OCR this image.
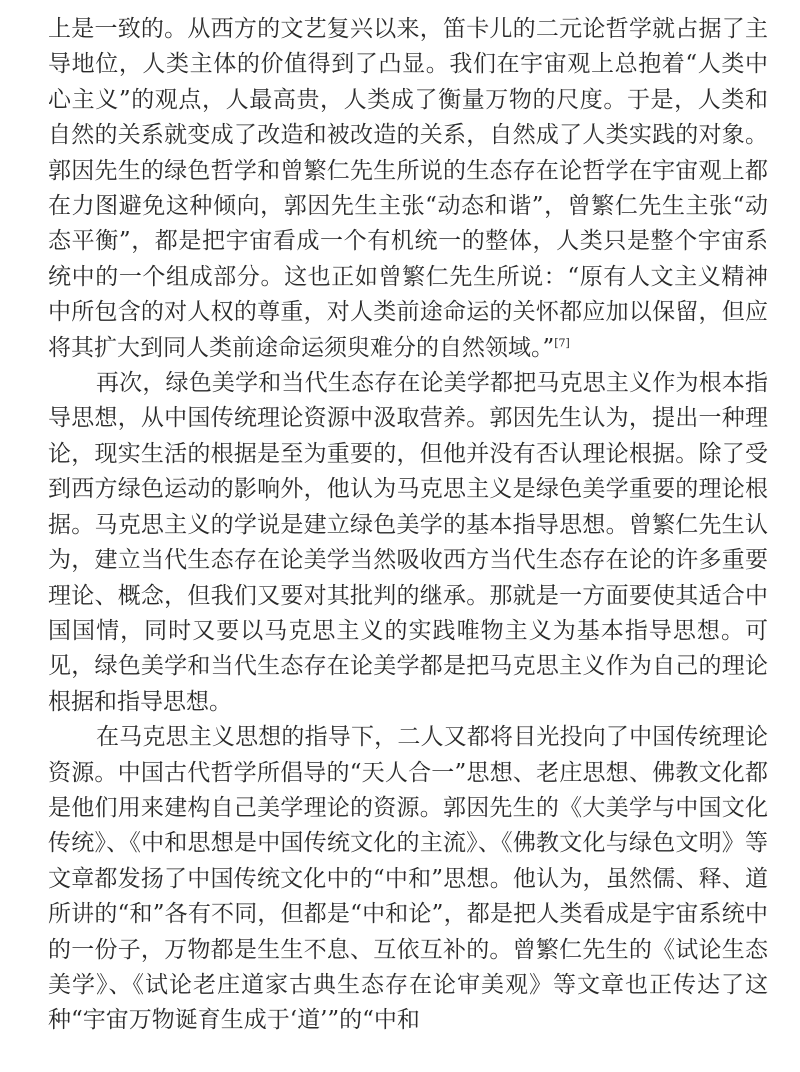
上是一致的。从西方的文艺复兴以来，笛卡儿的二元论哲学就占据了主导地位，人类主体的价值得到了凸显。我们在宇宙观上总抱着“人类中心主义”的观点，人最高贵，人类成了衡量万物的尺度。于是，人类和自然的关系就变成了改造和被改造的关系，自然成了人类实践的对象。郭因先生的绿色哲学和曾繁仁先生所说的生态存在论哲学在宇宙观上都在力图避免这种倾向，郭因先生主张“动态和谐”，曾繁仁先生主张“动态平衡”，都是把宇宙看成一个有机统一的整体，人类只是整个宇宙系统中的一个组成部分。这也正如曾繁仁先生所说：“原有人文主义精神中所包含的对人权的尊重，对人类前途命运的关怀都应加以保留，但应将其扩大到同人类前途命运须臾难分的自然领域。”[7]

再次，绿色美学和当代生态存在论美学都把马克思主义作为根本指导思想，从中国传统理论资源中汲取营养。郭因先生认为，提出一种理论，现实生活的根据是至为重要的，但他并没有否认理论根据。除了受到西方绿色运动的影响外，他认为马克思主义是绿色美学重要的理论根据。马克思主义的学说是建立绿色美学的基本指导思想。曾繁仁先生认为，建立当代生态存在论美学当然吸收西方当代生态存在论的许多重要理论、概念，但我们又要对其批判的继承。那就是一方面要使其适合中国国情，同时又要以马克思主义的实践唯物主义为基本指导思想。可见，绿色美学和当代生态存在论美学都是把马克思主义作为自己的理论根据和指导思想。

在马克思主义思想的指导下，二人又都将目光投向了中国传统理论资源。中国古代哲学所倡导的“天人合一”思想、老庄思想、佛教文化都是他们用来建构自己美学理论的资源。郭因先生的《大美学与中国文化传统》、《中和思想是中国传统文化的主流》、《佛教文化与绿色文明》等文章都发扬了中国传统文化中的“中和”思想。他认为，虽然儒、释、道所讲的“和”各有不同，但都是“中和论”，都是把人类看成是宇宙系统中的一份子，万物都是生生不息、互依互补的。曾繁仁先生的《试论生态美学》、《试论老庄道家古典生态存在论审美观》等文章也正传达了这种“宇宙万物诞育生成于‘道’”的“中和
